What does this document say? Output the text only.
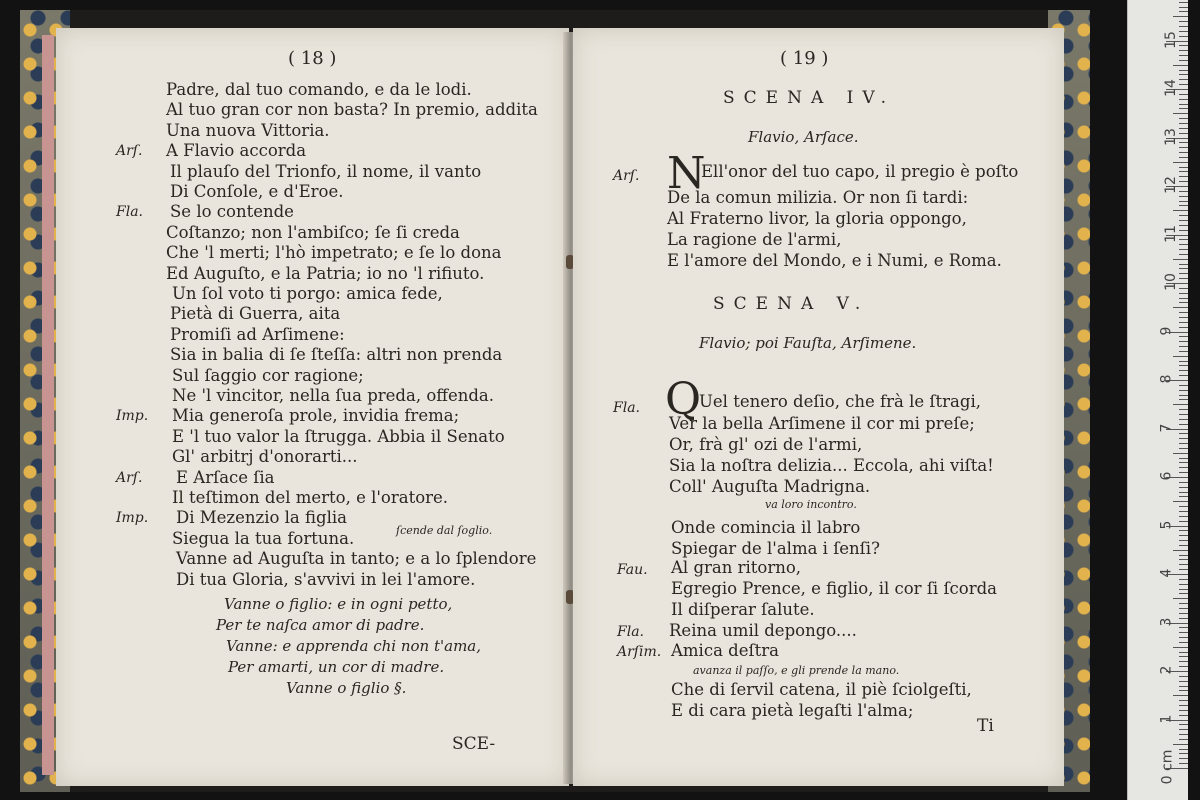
( 18 )
Padre, dal tuo comando, e da le lodi.
Al tuo gran cor non basta? In premio, addita
Una nuova Vittoria.
Arſ. A Flavio accorda
Il plauſo del Trionfo, il nome, il vanto
Di Conſole, e d'Eroe.
Fla. Se lo contende
Coſtanzo; non l'ambiſco; ſe ſi creda
Che 'l merti; l'hò impetrato; e ſe lo dona
Ed Auguſto, e la Patria; io no 'l rifiuto.
Un ſol voto ti porgo: amica fede,
Pietà di Guerra, aita
Promiſi ad Arſimene:
Sia in balia di ſe ſteſſa: altri non prenda
Sul ſaggio cor ragione;
Ne 'l vincitor, nella ſua preda, offenda.
Imp. Mia generoſa prole, invidia frema;
E 'l tuo valor la ſtrugga. Abbia il Senato
Gl' arbitrj d'onorarti...
Arſ. E Arſace ſia
Il teſtimon del merto, e l'oratore.
Imp. Di Mezenzio la figlia
Siegua la tua fortuna.
Vanne ad Auguſta in tanto; e a lo ſplendore
Di tua Gloria, s'avvivi in lei l'amore.
ſcende dal ſoglio.
Vanne o figlio: e in ogni petto,
Per te naſca amor di padre.
Vanne: e apprenda chi non t'ama,
Per amarti, un cor di madre.
Vanne o figlio §.
SCE-
( 19 )
SCENA IV.
Flavio, Arſace.
Arſ. N
Ell'onor del tuo capo, il pregio è poſto
De la comun milizia. Or non ſi tardi:
Al Fraterno livor, la gloria oppongo,
La ragione de l'armi,
E l'amore del Mondo, e i Numi, e Roma.
SCENA V.
Flavio; poi Fauſta, Arſimene.
Fla. Q
Uel tenero deſio, che frà le ſtragi,
Ver la bella Arſimene il cor mi preſe;
Or, frà gl' ozi de l'armi,
Sia la noſtra delizia... Eccola, ahi viſta!
Coll' Auguſta Madrigna.
va loro incontro.
Onde comincia il labro
Spiegar de l'alma i ſenſi?
Fau. Al gran ritorno,
Egregio Prence, e figlio, il cor ſi ſcorda
Il diſperar ſalute.
Fla. Reina umil depongo....
Arſim. Amica deſtra
avanza il paſſo, e gli prende la mano.
Che di ſervil catena, il piè ſciolgeſti,
E di cara pietà legaſti l'alma;
Ti
15
14
13
12
11
10
9
8
7
6
5
4
3
2
1
0 cm
